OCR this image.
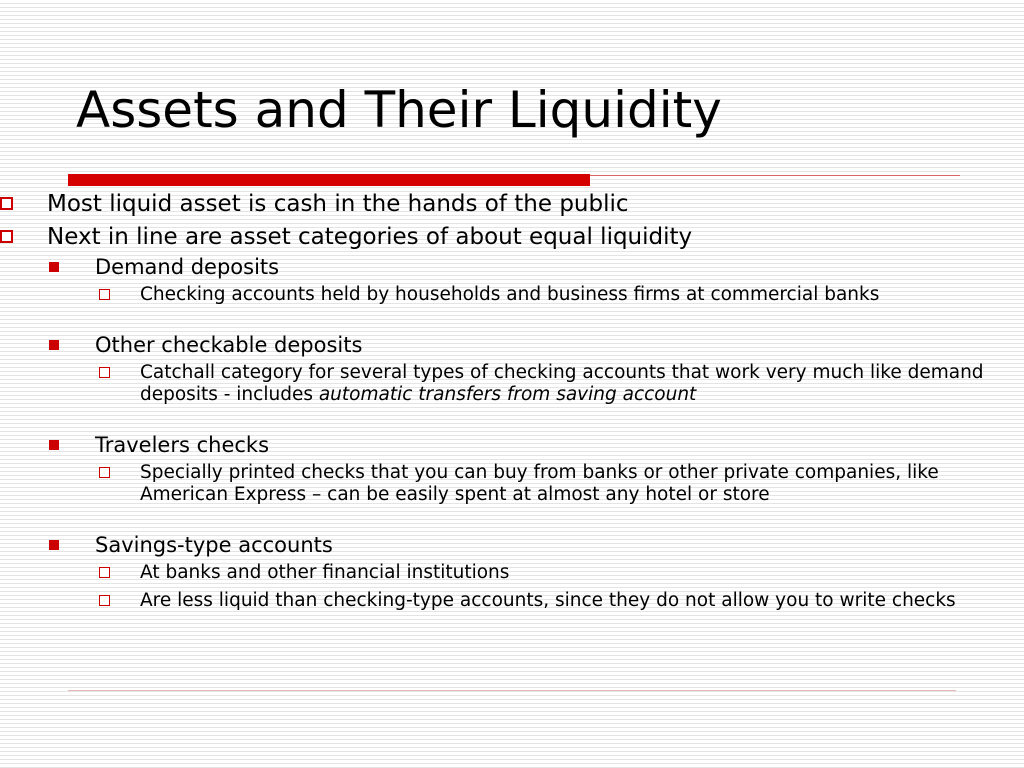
Assets and Their Liquidity
Most liquid asset is cash in the hands of the public
Next in line are asset categories of about equal liquidity
Demand deposits
Checking accounts held by households and business firms at commercial banks
Other checkable deposits
Catchall category for several types of checking accounts that work very much like demand deposits - includes automatic transfers from saving account
Travelers checks
Specially printed checks that you can buy from banks or other private companies, like American Express – can be easily spent at almost any hotel or store
Savings-type accounts
At banks and other financial institutions
Are less liquid than checking-type accounts, since they do not allow you to write checks
